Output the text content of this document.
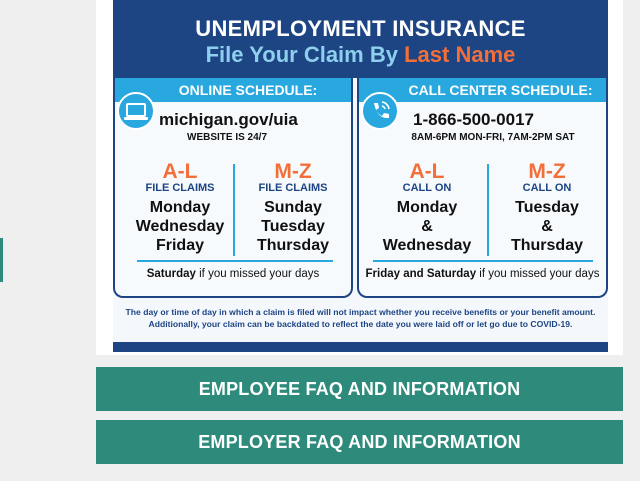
UNEMPLOYMENT INSURANCE
File Your Claim By Last Name
ONLINE SCHEDULE:
michigan.gov/uia
WEBSITE IS 24/7
A-L
FILE CLAIMS
Monday
Wednesday
Friday
M-Z
FILE CLAIMS
Sunday
Tuesday
Thursday
Saturday if you missed your days
CALL CENTER SCHEDULE:
1-866-500-0017
8AM-6PM MON-FRI, 7AM-2PM SAT
A-L
CALL ON
Monday
&
Wednesday
M-Z
CALL ON
Tuesday
&
Thursday
Friday and Saturday if you missed your days
The day or time of day in which a claim is filed will not impact whether you receive benefits or your benefit amount.
Additionally, your claim can be backdated to reflect the date you were laid off or let go due to COVID-19.
EMPLOYEE FAQ AND INFORMATION
EMPLOYER FAQ AND INFORMATION
